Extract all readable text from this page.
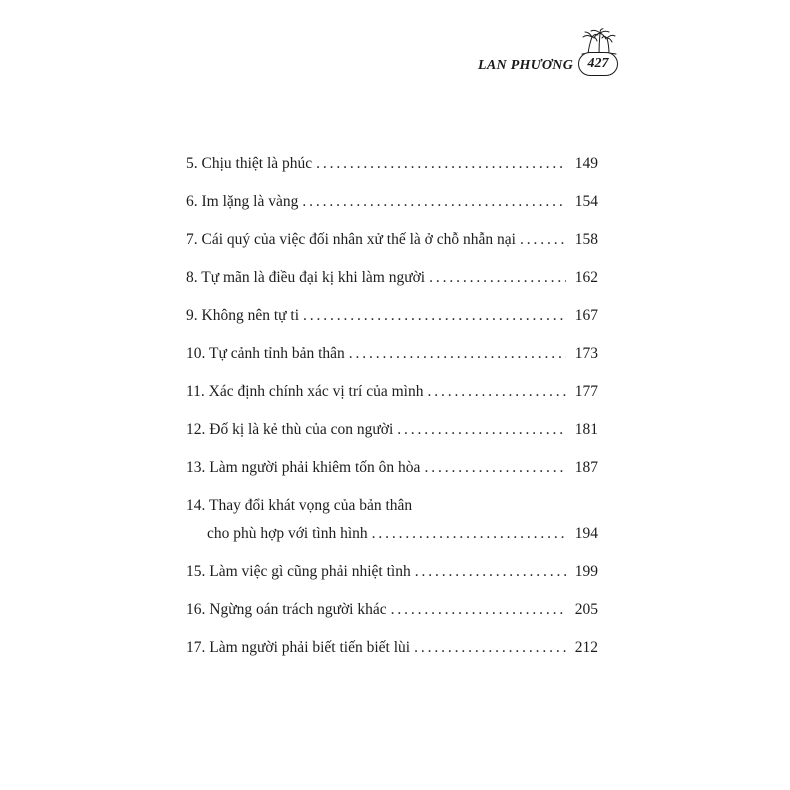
LAN PHƯƠNG 427
5. Chịu thiệt là phúc . . .	149
6. Im lặng là vàng . . .	154
7. Cái quý của việc đối nhân xử thế là ở chỗ nhẫn nại . . .	158
8. Tự mãn là điều đại kị khi làm người . . .	162
9. Không nên tự ti . . .	167
10. Tự cảnh tỉnh bản thân . . .	173
11. Xác định chính xác vị trí của mình . . .	177
12. Đố kị là kẻ thù của con người . . .	181
13. Làm người phải khiêm tốn ôn hòa . . .	187
14. Thay đổi khát vọng của bản thân
cho phù hợp với tình hình . . .	194
15. Làm việc gì cũng phải nhiệt tình . . .	199
16. Ngừng oán trách người khác . . .	205
17. Làm người phải biết tiến biết lùi . . .	212
